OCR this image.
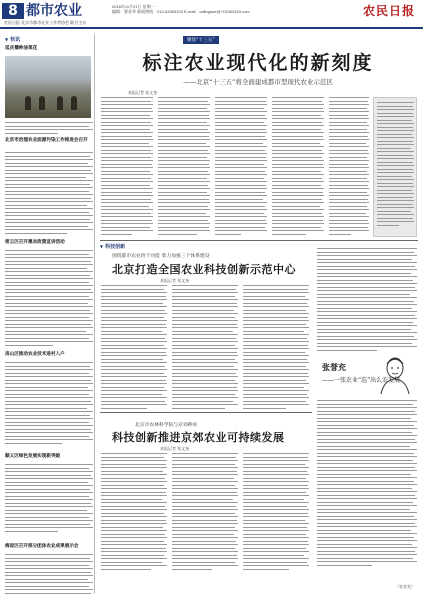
8 都市农业	2016年11月21日 星期一
编辑：曹金华 新闻热线：010-84395100 E-mail：cailhgoue@?ODAN163.com	农民日报
农民日报 北京市都市农业工作者协会 联合主办
▼ 快讯
延庆播种油菜花
北京市治理农业面源污染工作推进会召开
密云区召开惠农政策宣讲活动
房山区推动农业技术进村入户
顺义区绿色发展实现新突破
海淀区召开部分团体农业成果展示会
聚焦“十三五”
标注农业现代化的新刻度
——北京“十三五”将全面建成都市型现代农业示范区
本报记者 张文奎
▼ 科技创新
围绕都市农业四个功能 着力加强三个体系建设
北京打造全国农业科技创新示范中心
本报记者 张文奎
北京市农林科学院与京郊种业
科技创新推进京郊农业可持续发展
本报记者 张文奎
张誉充
——一张农业“巡”出么农发展
（张誉充）
